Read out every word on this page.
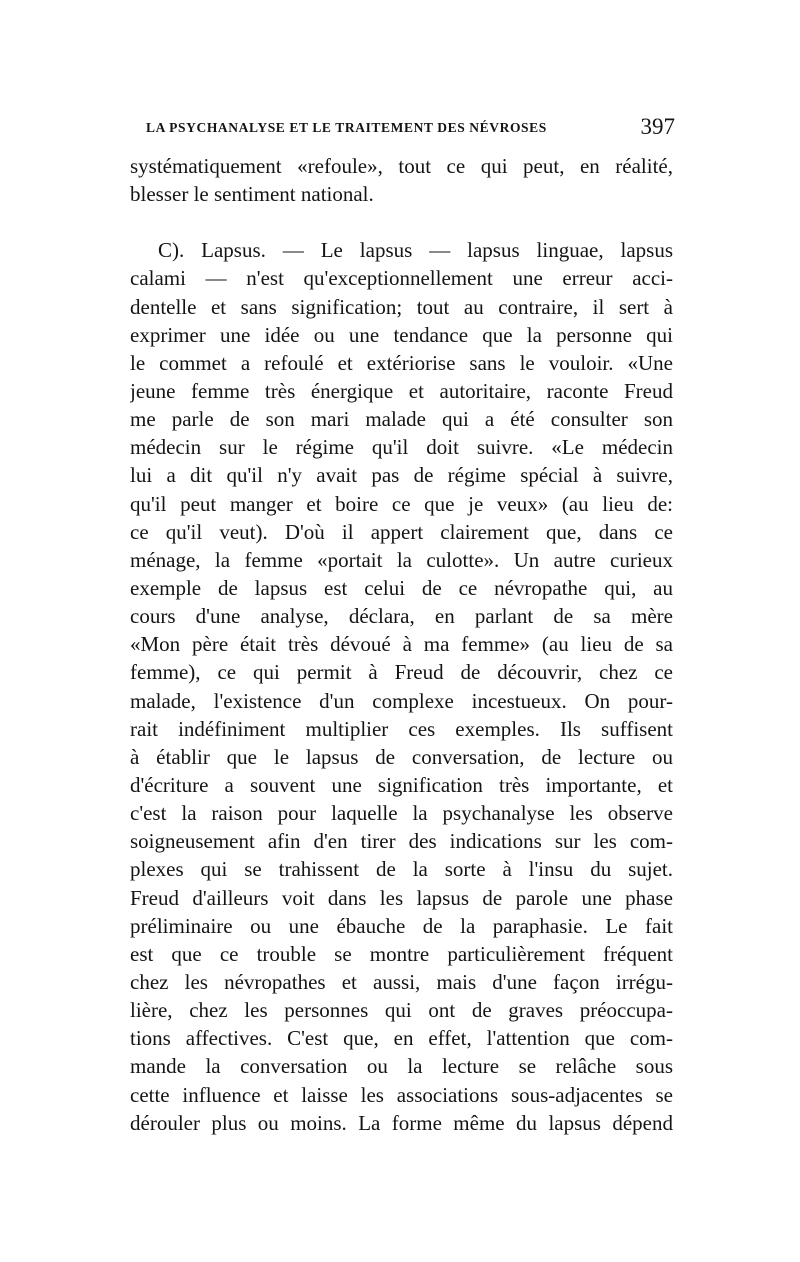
LA PSYCHANALYSE ET LE TRAITEMENT DES NÉVROSES	397
systématiquement «refoule», tout ce qui peut, en réalité,
blesser le sentiment national.
C). Lapsus. — Le lapsus — lapsus linguae, lapsus
calami — n'est qu'exceptionnellement une erreur acci-
dentelle et sans signification; tout au contraire, il sert à
exprimer une idée ou une tendance que la personne qui
le commet a refoulé et extériorise sans le vouloir. «Une
jeune femme très énergique et autoritaire, raconte Freud
me parle de son mari malade qui a été consulter son
médecin sur le régime qu'il doit suivre. «Le médecin
lui a dit qu'il n'y avait pas de régime spécial à suivre,
qu'il peut manger et boire ce que je veux» (au lieu de:
ce qu'il veut). D'où il appert clairement que, dans ce
ménage, la femme «portait la culotte». Un autre curieux
exemple de lapsus est celui de ce névropathe qui, au
cours d'une analyse, déclara, en parlant de sa mère
«Mon père était très dévoué à ma femme» (au lieu de sa
femme), ce qui permit à Freud de découvrir, chez ce
malade, l'existence d'un complexe incestueux. On pour-
rait indéfiniment multiplier ces exemples. Ils suffisent
à établir que le lapsus de conversation, de lecture ou
d'écriture a souvent une signification très importante, et
c'est la raison pour laquelle la psychanalyse les observe
soigneusement afin d'en tirer des indications sur les com-
plexes qui se trahissent de la sorte à l'insu du sujet.
Freud d'ailleurs voit dans les lapsus de parole une phase
préliminaire ou une ébauche de la paraphasie. Le fait
est que ce trouble se montre particulièrement fréquent
chez les névropathes et aussi, mais d'une façon irrégu-
lière, chez les personnes qui ont de graves préoccupa-
tions affectives. C'est que, en effet, l'attention que com-
mande la conversation ou la lecture se relâche sous
cette influence et laisse les associations sous-adjacentes se
dérouler plus ou moins. La forme même du lapsus dépend
